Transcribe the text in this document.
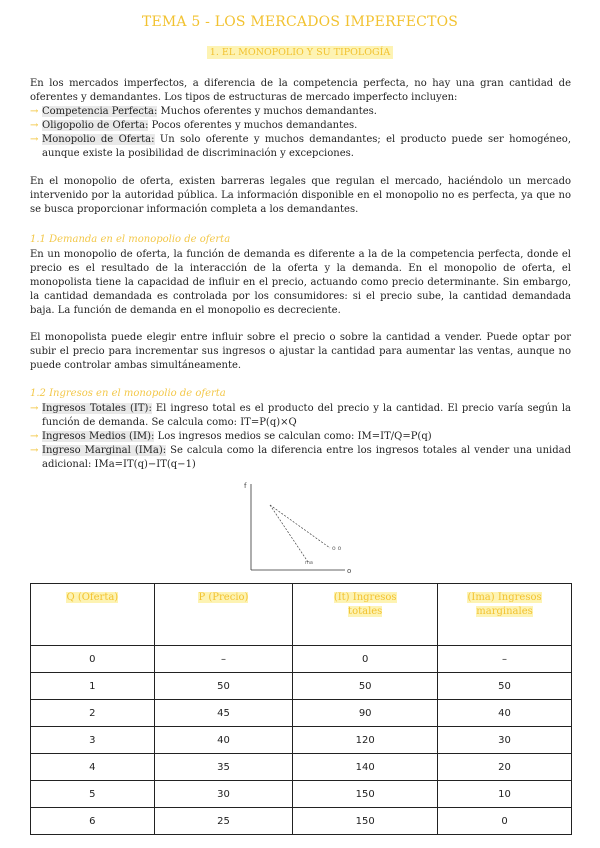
TEMA 5 - LOS MERCADOS IMPERFECTOS
1. EL MONOPOLIO Y SU TIPOLOGÍA

En los mercados imperfectos, a diferencia de la competencia perfecta, no hay una gran cantidad de oferentes y demandantes. Los tipos de estructuras de mercado imperfecto incluyen:

→ Competencia Perfecta: Muchos oferentes y muchos demandantes.
→ Oligopolio de Oferta: Pocos oferentes y muchos demandantes.
→ Monopolio de Oferta: Un solo oferente y muchos demandantes; el producto puede ser homogéneo, aunque existe la posibilidad de discriminación y excepciones.

En el monopolio de oferta, existen barreras legales que regulan el mercado, haciéndolo un mercado intervenido por la autoridad pública. La información disponible en el monopolio no es perfecta, ya que no se busca proporcionar información completa a los demandantes.

1.1 Demanda en el monopolio de oferta

En un monopolio de oferta, la función de demanda es diferente a la de la competencia perfecta, donde el precio es el resultado de la interacción de la oferta y la demanda. En el monopolio de oferta, el monopolista tiene la capacidad de influir en el precio, actuando como precio determinante. Sin embargo, la cantidad demandada es controlada por los consumidores: si el precio sube, la cantidad demandada baja. La función de demanda en el monopolio es decreciente.

El monopolista puede elegir entre influir sobre el precio o sobre la cantidad a vender. Puede optar por subir el precio para incrementar sus ingresos o ajustar la cantidad para aumentar las ventas, aunque no puede controlar ambas simultáneamente.

1.2 Ingresos en el monopolio de oferta
→ Ingresos Totales (IT): El ingreso total es el producto del precio y la cantidad. El precio varía según la función de demanda. Se calcula como: IT=P(q)×Q
→ Ingresos Medios (IM): Los ingresos medios se calculan como: IM=IT/Q=P(q)
→ Ingreso Marginal (IMa): Se calcula como la diferencia entre los ingresos totales al vender una unidad adicional: IMa=IT(q)−IT(q−1)
f
o
o o
ma
Q (Oferta)	P (Precio)	(It) Ingresos totales	(Ima) Ingresos marginales
0	–	0	–
1	50	50	50
2	45	90	40
3	40	120	30
4	35	140	20
5	30	150	10
6	25	150	0
